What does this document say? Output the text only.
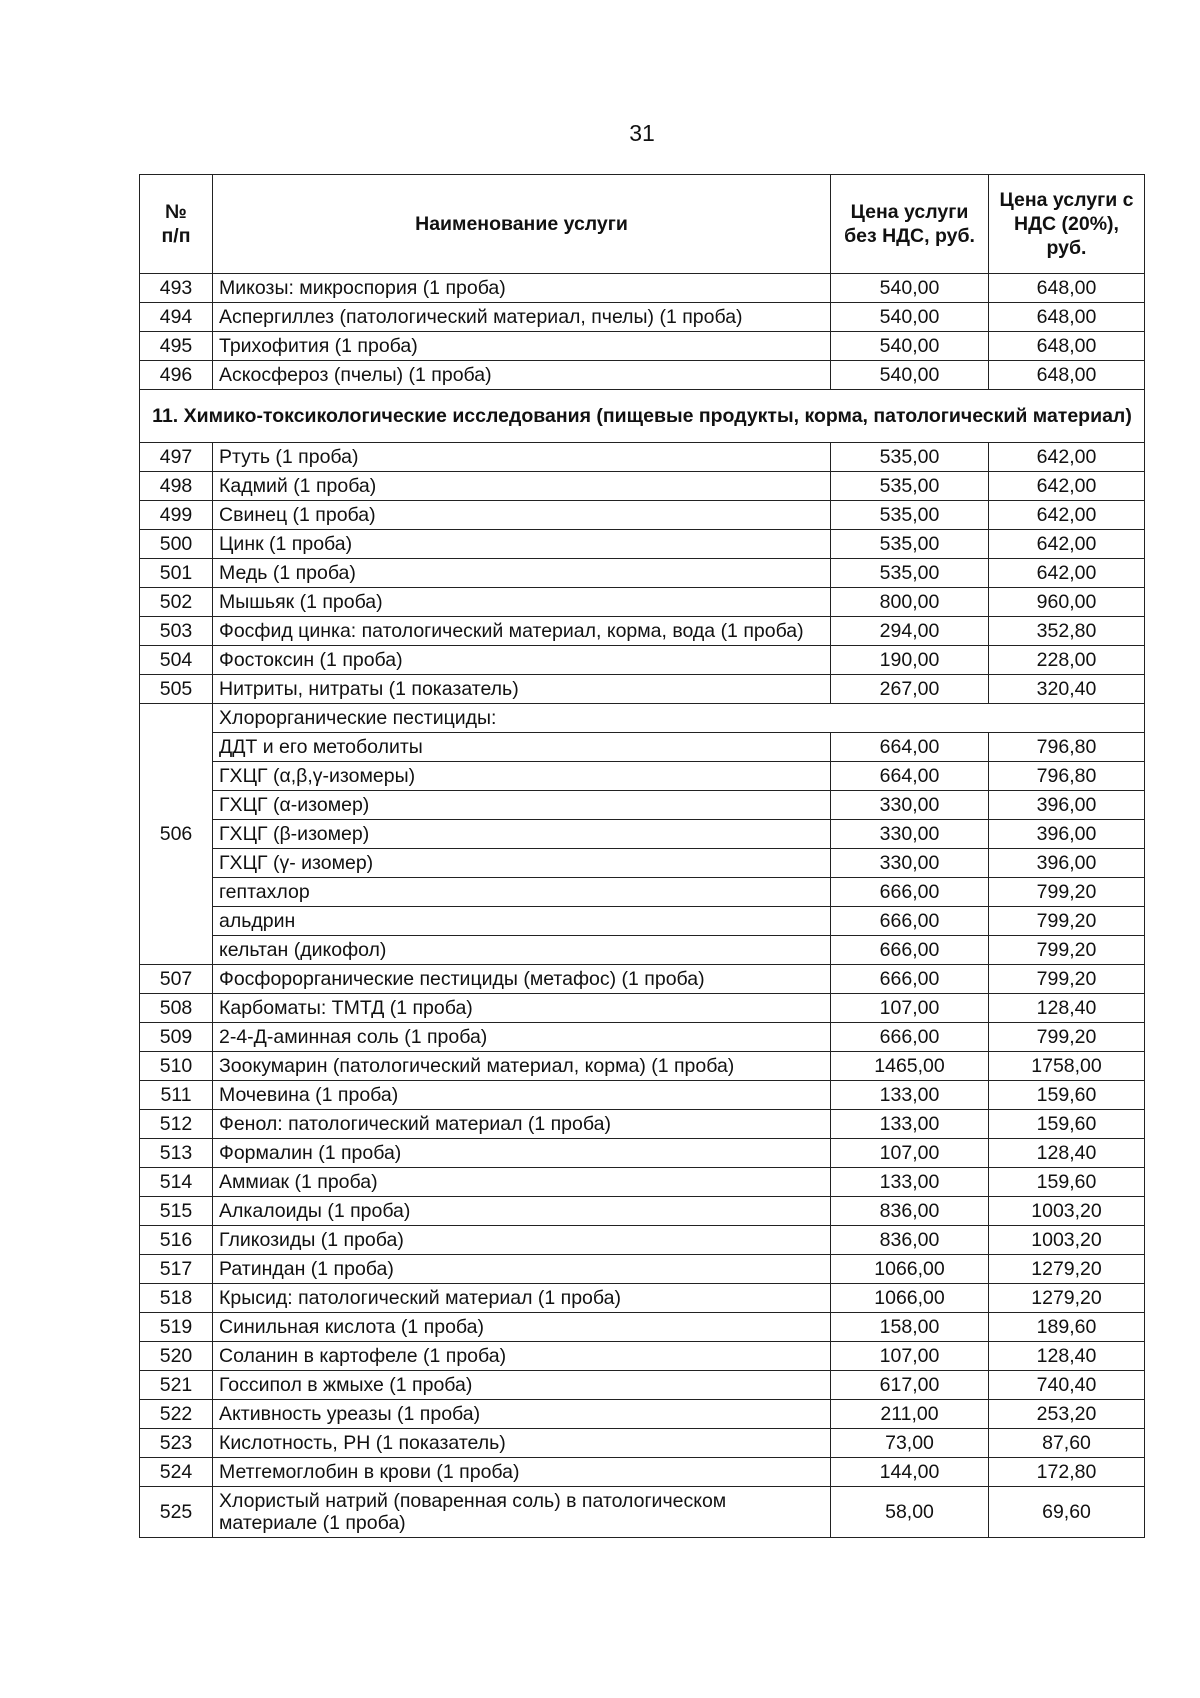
31
№
п/п	Наименование услуги	Цена услуги без НДС, руб.	Цена услуги с НДС (20%), руб.
493	Микозы: микроспория (1 проба)	540,00	648,00
494	Аспергиллез (патологический материал, пчелы) (1 проба)	540,00	648,00
495	Трихофития (1 проба)	540,00	648,00
496	Аскосфероз (пчелы) (1 проба)	540,00	648,00
11. Химико-токсикологические исследования (пищевые продукты, корма, патологический материал)			
497	Ртуть (1 проба)	535,00	642,00
498	Кадмий (1 проба)	535,00	642,00
499	Свинец (1 проба)	535,00	642,00
500	Цинк (1 проба)	535,00	642,00
501	Медь (1 проба)	535,00	642,00
502	Мышьяк (1 проба)	800,00	960,00
503	Фосфид цинка: патологический материал, корма, вода (1 проба)	294,00	352,80
504	Фостоксин (1 проба)	190,00	228,00
505	Нитриты, нитраты (1 показатель)	267,00	320,40
506	Хлорорганические пестициды:		
	ДДТ и его метоболиты	664,00	796,80
	ГХЦГ (α,β,γ-изомеры)	664,00	796,80
	ГХЦГ (α-изомер)	330,00	396,00
	ГХЦГ (β-изомер)	330,00	396,00
	ГХЦГ (γ- изомер)	330,00	396,00
	гептахлор	666,00	799,20
	альдрин	666,00	799,20
	кельтан (дикофол)	666,00	799,20
507	Фосфорорганические пестициды (метафос) (1 проба)	666,00	799,20
508	Карбоматы: ТМТД (1 проба)	107,00	128,40
509	2-4-Д-аминная соль (1 проба)	666,00	799,20
510	Зоокумарин (патологический материал, корма) (1 проба)	1465,00	1758,00
511	Мочевина (1 проба)	133,00	159,60
512	Фенол: патологический материал (1 проба)	133,00	159,60
513	Формалин (1 проба)	107,00	128,40
514	Аммиак (1 проба)	133,00	159,60
515	Алкалоиды (1 проба)	836,00	1003,20
516	Гликозиды (1 проба)	836,00	1003,20
517	Ратиндан (1 проба)	1066,00	1279,20
518	Крысид: патологический материал (1 проба)	1066,00	1279,20
519	Синильная кислота (1 проба)	158,00	189,60
520	Соланин в картофеле (1 проба)	107,00	128,40
521	Госсипол в жмыхе (1 проба)	617,00	740,40
522	Активность уреазы (1 проба)	211,00	253,20
523	Кислотность, РН (1 показатель)	73,00	87,60
524	Метгемоглобин в крови (1 проба)	144,00	172,80
525	Хлористый натрий (поваренная соль) в патологическом материале (1 проба)	58,00	69,60
